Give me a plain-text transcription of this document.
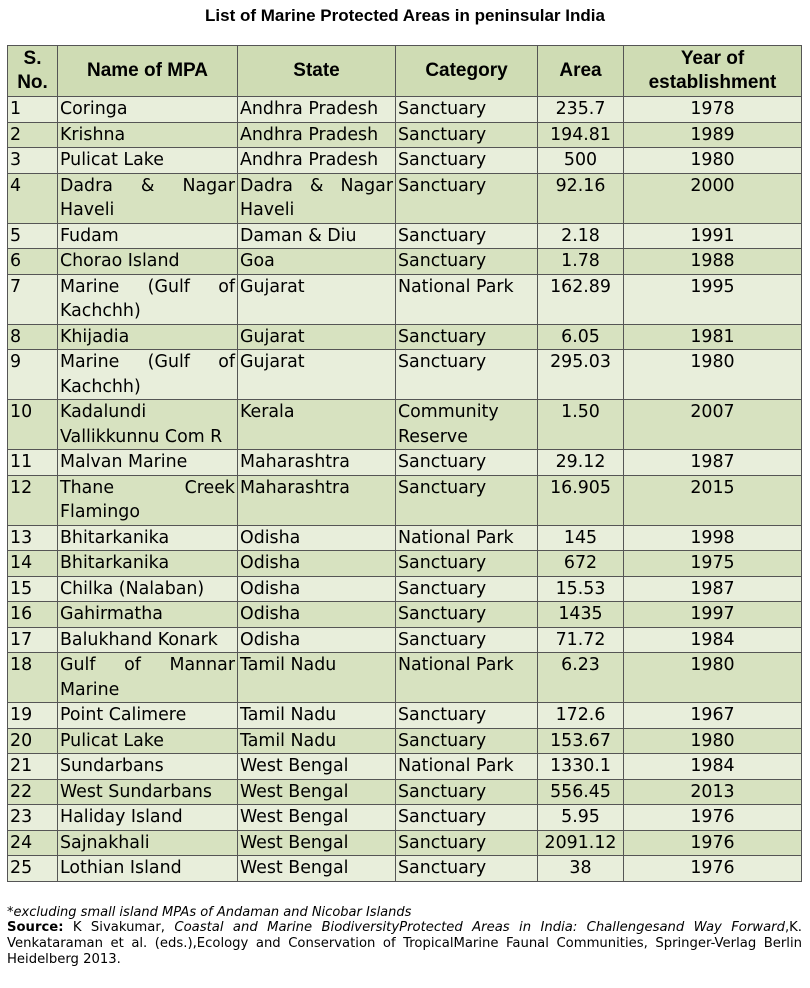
List of Marine Protected Areas in peninsular India
S. No.	Name of MPA	State	Category	Area	Year of establishment
1	Coringa	Andhra Pradesh	Sanctuary	235.7	1978
2	Krishna	Andhra Pradesh	Sanctuary	194.81	1989
3	Pulicat Lake	Andhra Pradesh	Sanctuary	500	1980
4	Dadra & Nagar Haveli	Dadra & Nagar Haveli	Sanctuary	92.16	2000
5	Fudam	Daman & Diu	Sanctuary	2.18	1991
6	Chorao Island	Goa	Sanctuary	1.78	1988
7	Marine (Gulf of Kachchh)	Gujarat	National Park	162.89	1995
8	Khijadia	Gujarat	Sanctuary	6.05	1981
9	Marine (Gulf of Kachchh)	Gujarat	Sanctuary	295.03	1980
10	Kadalundi Vallikkunnu Com R	Kerala	Community Reserve	1.50	2007
11	Malvan Marine	Maharashtra	Sanctuary	29.12	1987
12	Thane Creek Flamingo	Maharashtra	Sanctuary	16.905	2015
13	Bhitarkanika	Odisha	National Park	145	1998
14	Bhitarkanika	Odisha	Sanctuary	672	1975
15	Chilka (Nalaban)	Odisha	Sanctuary	15.53	1987
16	Gahirmatha	Odisha	Sanctuary	1435	1997
17	Balukhand Konark	Odisha	Sanctuary	71.72	1984
18	Gulf of Mannar Marine	Tamil Nadu	National Park	6.23	1980
19	Point Calimere	Tamil Nadu	Sanctuary	172.6	1967
20	Pulicat Lake	Tamil Nadu	Sanctuary	153.67	1980
21	Sundarbans	West Bengal	National Park	1330.1	1984
22	West Sundarbans	West Bengal	Sanctuary	556.45	2013
23	Haliday Island	West Bengal	Sanctuary	5.95	1976
24	Sajnakhali	West Bengal	Sanctuary	2091.12	1976
25	Lothian Island	West Bengal	Sanctuary	38	1976
*excluding small island MPAs of Andaman and Nicobar Islands
Source: K Sivakumar, Coastal and Marine BiodiversityProtected Areas in India: Challengesand Way Forward,K. Venkataraman et al. (eds.),Ecology and Conservation of TropicalMarine Faunal Communities, Springer-Verlag Berlin Heidelberg 2013.
